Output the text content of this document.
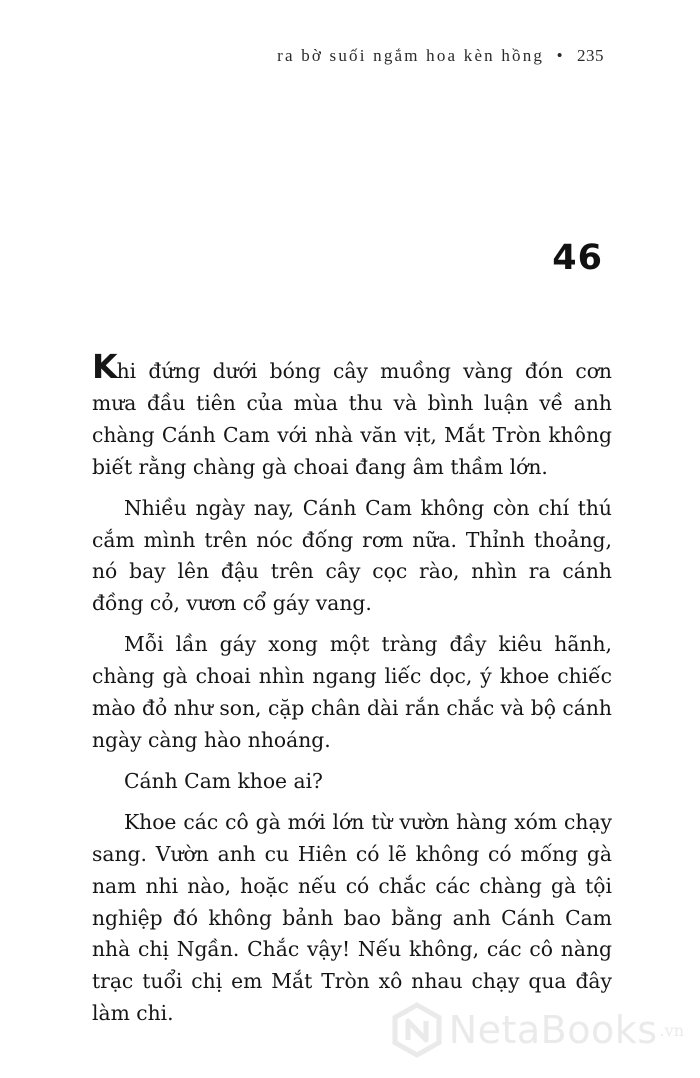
ra bờ suối ngắm hoa kèn hồng • 235
46

Khi đứng dưới bóng cây muồng vàng đón cơn mưa đầu tiên của mùa thu và bình luận về anh chàng Cánh Cam với nhà văn vịt, Mắt Tròn không biết rằng chàng gà choai đang âm thầm lớn.

Nhiều ngày nay, Cánh Cam không còn chí thú cắm mình trên nóc đống rơm nữa. Thỉnh thoảng, nó bay lên đậu trên cây cọc rào, nhìn ra cánh đồng cỏ, vươn cổ gáy vang.

Mỗi lần gáy xong một tràng đầy kiêu hãnh, chàng gà choai nhìn ngang liếc dọc, ý khoe chiếc mào đỏ như son, cặp chân dài rắn chắc và bộ cánh ngày càng hào nhoáng.

Cánh Cam khoe ai?

Khoe các cô gà mới lớn từ vườn hàng xóm chạy sang. Vườn anh cu Hiên có lẽ không có mống gà nam nhi nào, hoặc nếu có chắc các chàng gà tội nghiệp đó không bảnh bao bằng anh Cánh Cam nhà chị Ngần. Chắc vậy! Nếu không, các cô nàng trạc tuổi chị em Mắt Tròn xô nhau chạy qua đây làm chi.	NetaBooks .vn
